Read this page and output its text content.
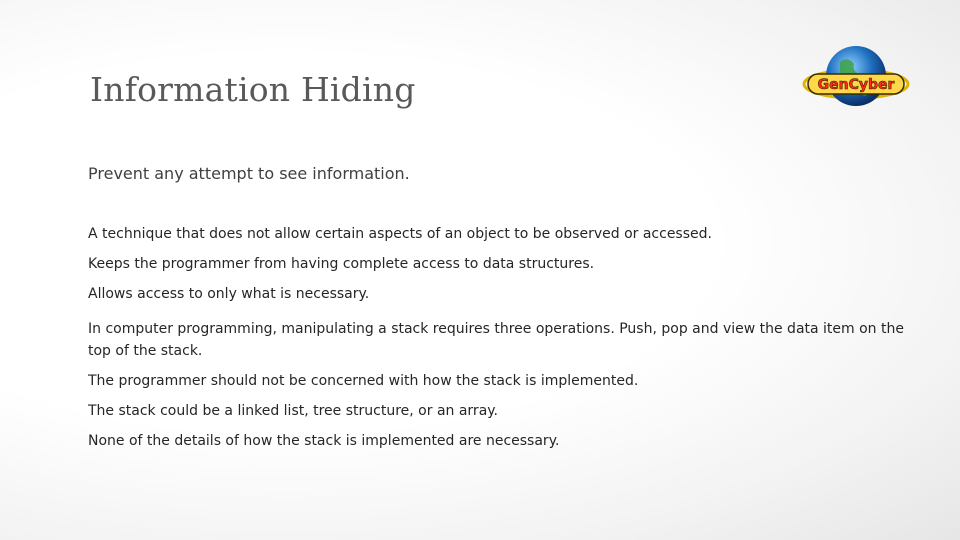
Information Hiding	GenCyber
Prevent any attempt to see information.
A technique that does not allow certain aspects of an object to be observed or accessed.
Keeps the programmer from having complete access to data structures.
Allows access to only what is necessary.
In computer programming, manipulating a stack requires three operations. Push, pop and view the data item on the top of the stack.
The programmer should not be concerned with how the stack is implemented.
The stack could be a linked list, tree structure, or an array.
None of the details of how the stack is implemented are necessary.
